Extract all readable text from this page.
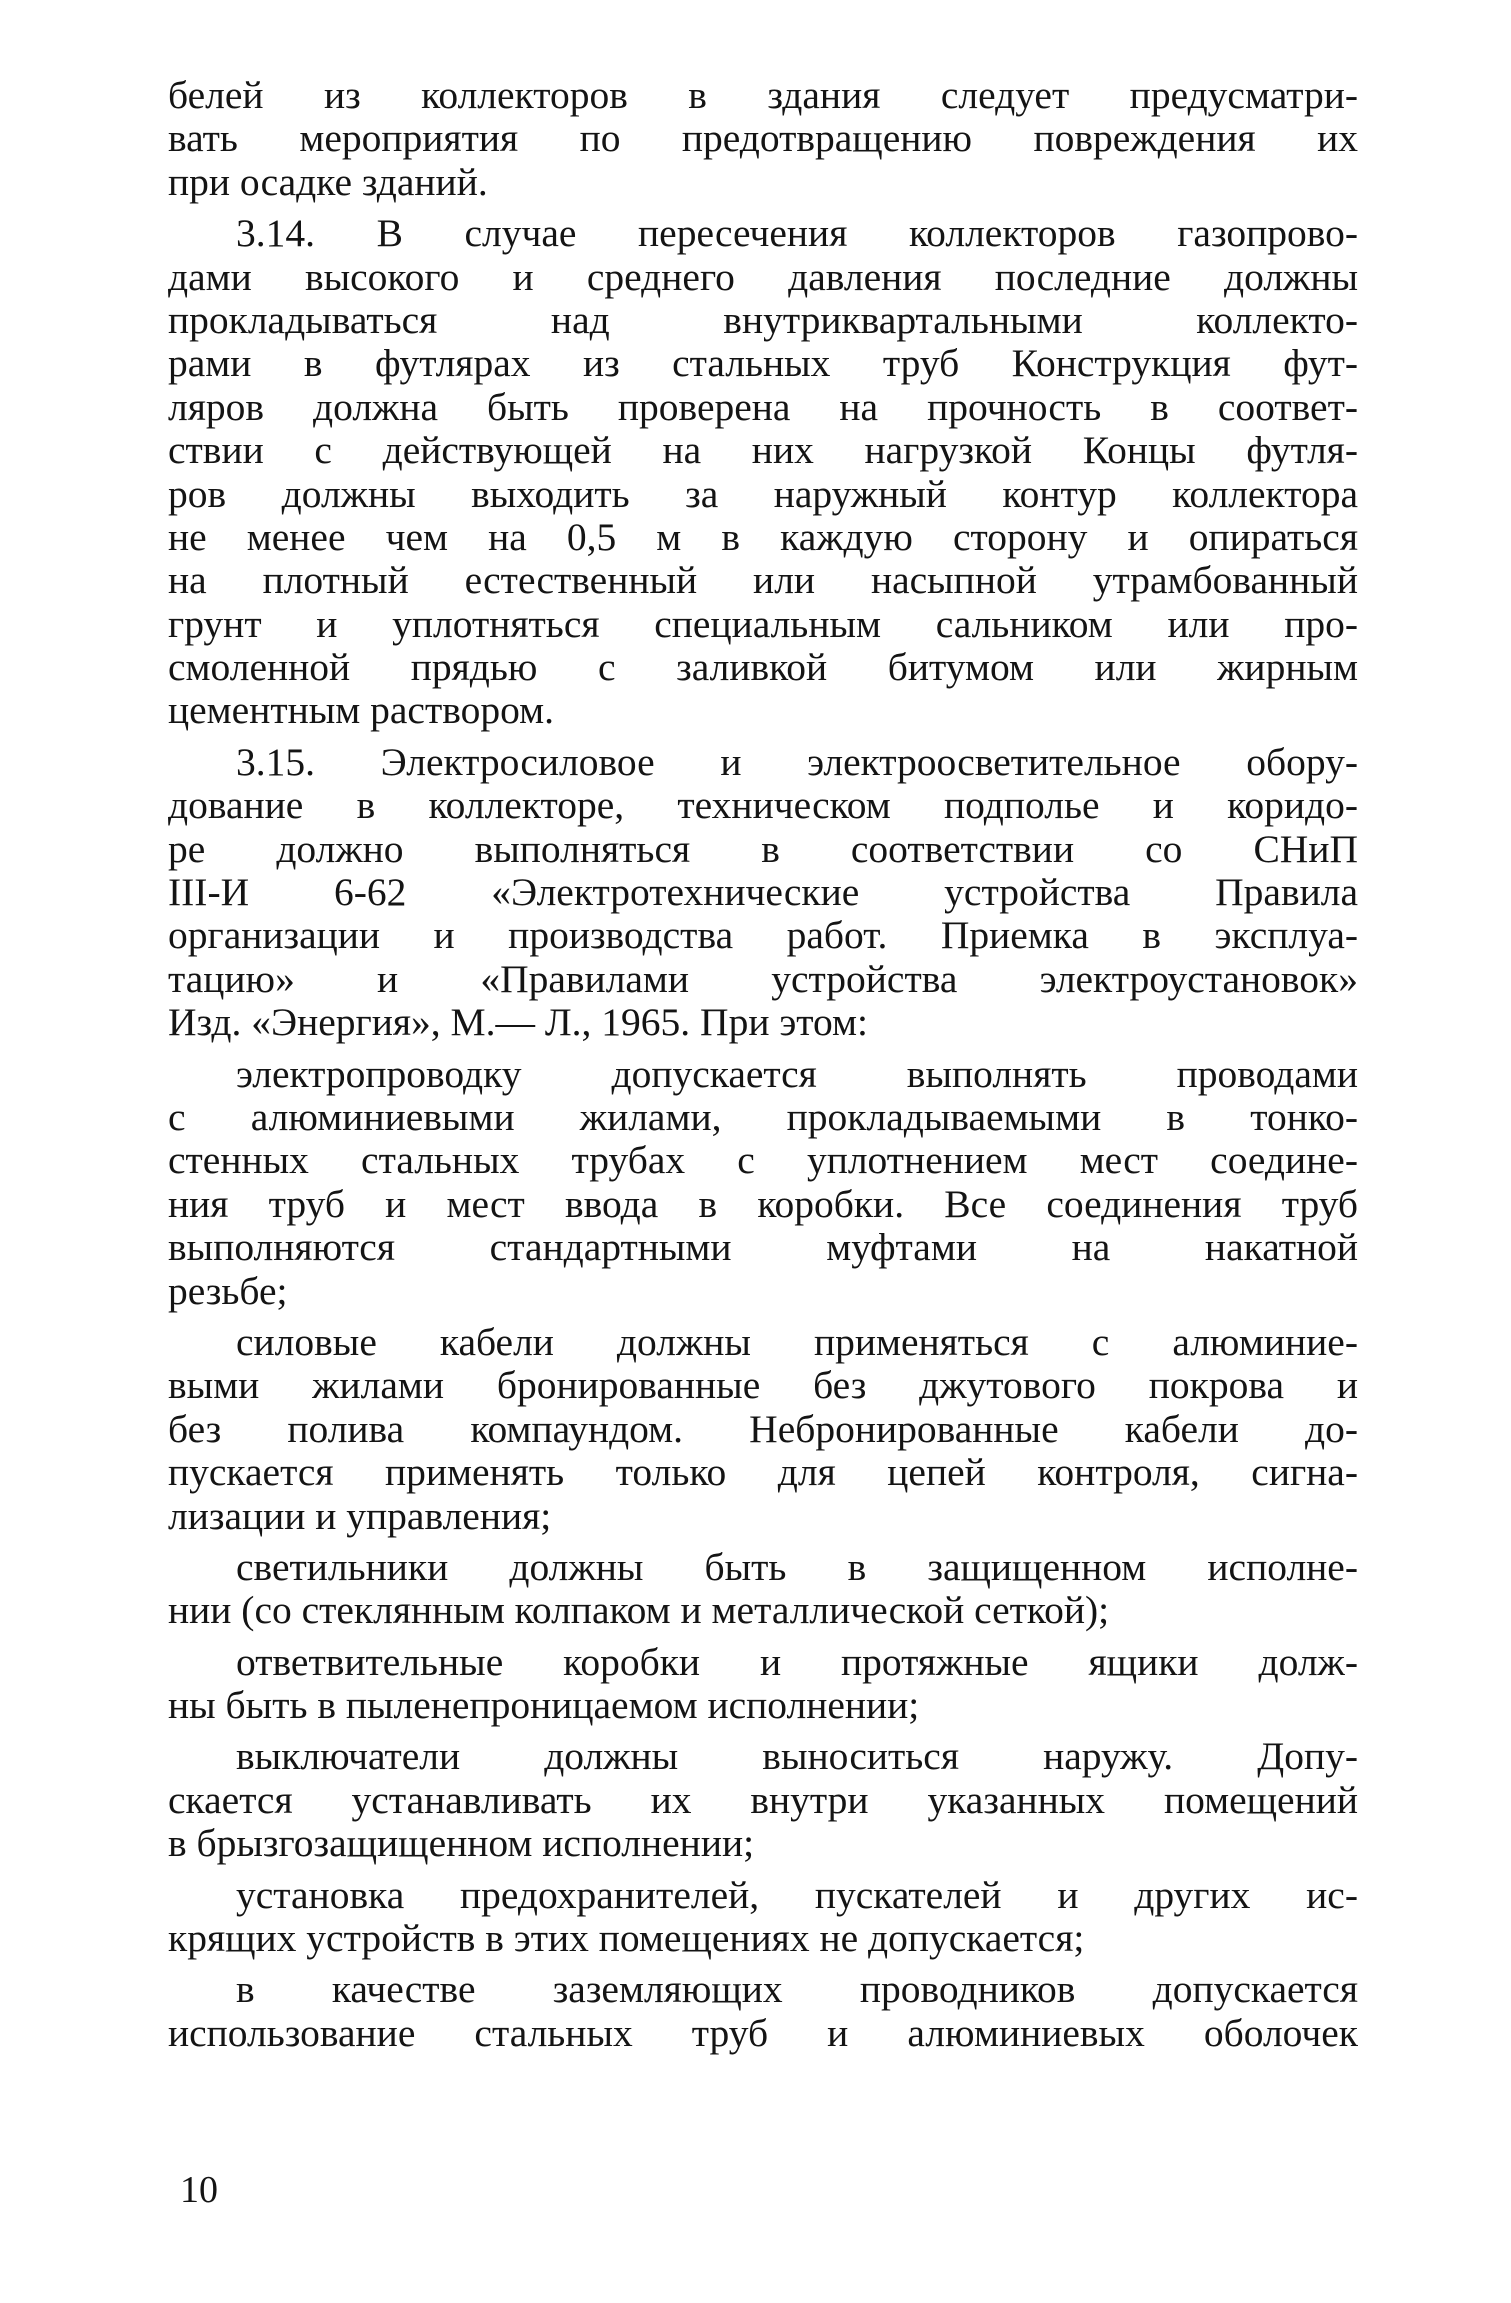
белей из коллекторов в здания следует предусматри-
вать мероприятия по предотвращению повреждения их
при осадке зданий.
3.14. В случае пересечения коллекторов газопрово-
дами высокого и среднего давления последние должны
прокладываться над внутриквартальными коллекто-
рами в футлярах из стальных труб Конструкция фут-
ляров должна быть проверена на прочность в соответ-
ствии с действующей на них нагрузкой Концы футля-
ров должны выходить за наружный контур коллектора
не менее чем на 0,5 м в каждую сторону и опираться
на плотный естественный или насыпной утрамбованный
грунт и уплотняться специальным сальником или про-
смоленной прядью с заливкой битумом или жирным
цементным раствором.
3.15. Электросиловое и электроосветительное обору-
дование в коллекторе, техническом подполье и коридо-
ре должно выполняться в соответствии со СНиП
III-И 6-62 «Электротехнические устройства Правила
организации и производства работ. Приемка в эксплуа-
тацию» и «Правилами устройства электроустановок»
Изд. «Энергия», М.— Л., 1965. При этом:
электропроводку допускается выполнять проводами
с алюминиевыми жилами, прокладываемыми в тонко-
стенных стальных трубах с уплотнением мест соедине-
ния труб и мест ввода в коробки. Все соединения труб
выполняются стандартными муфтами на накатной
резьбе;
силовые кабели должны применяться с алюминие-
выми жилами бронированные без джутового покрова и
без полива компаундом. Небронированные кабели до-
пускается применять только для цепей контроля, сигна-
лизации и управления;
светильники должны быть в защищенном исполне-
нии (со стеклянным колпаком и металлической сеткой);
ответвительные коробки и протяжные ящики долж-
ны быть в пыленепроницаемом исполнении;
выключатели должны выноситься наружу. Допу-
скается устанавливать их внутри указанных помещений
в брызгозащищенном исполнении;
установка предохранителей, пускателей и других ис-
крящих устройств в этих помещениях не допускается;
в качестве заземляющих проводников допускается
использование стальных труб и алюминиевых оболочек
10
